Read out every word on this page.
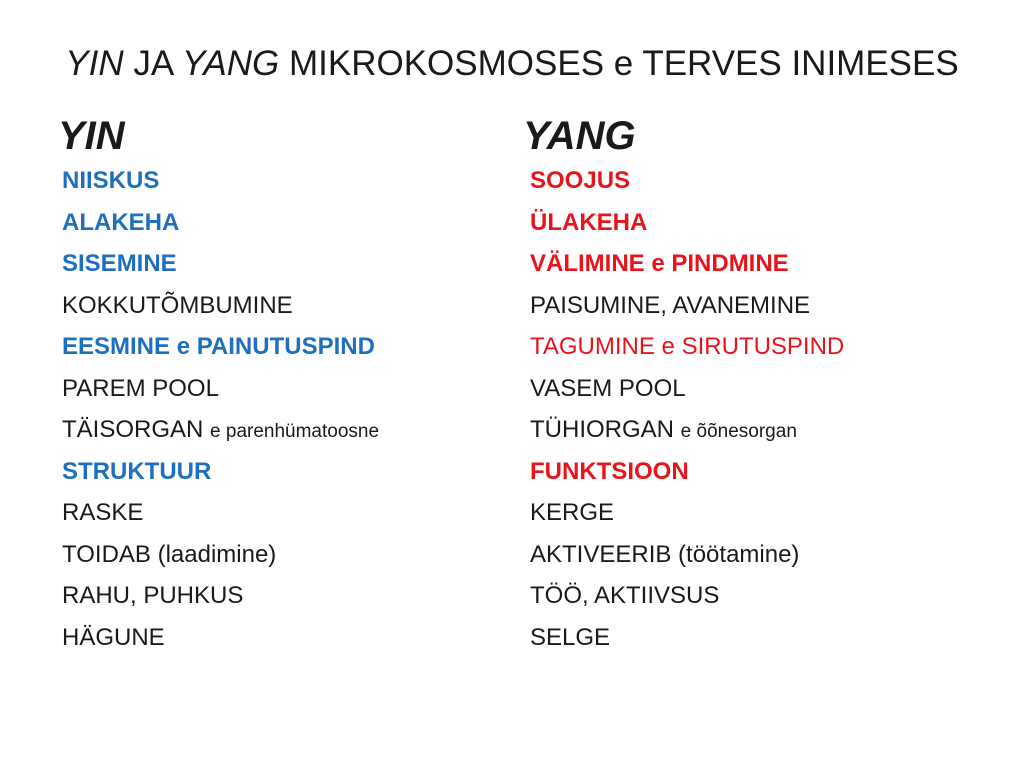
YIN JA YANG MIKROKOSMOSES e TERVES INIMESES
YIN	YANG
NIISKUS
ALAKEHA
SISEMINE
KOKKUTÕMBUMINE
EESMINE e PAINUTUSPIND
PAREM POOL
TÄISORGAN e parenhümatoosne
STRUKTUUR
RASKE
TOIDAB (laadimine)
RAHU, PUHKUS
HÄGUNE
SOOJUS
ÜLAKEHA
VÄLIMINE e PINDMINE
PAISUMINE, AVANEMINE
TAGUMINE e SIRUTUSPIND
VASEM POOL
TÜHIORGAN e õõnesorgan
FUNKTSIOON
KERGE
AKTIVEERIB (töötamine)
TÖÖ, AKTIIVSUS
SELGE
